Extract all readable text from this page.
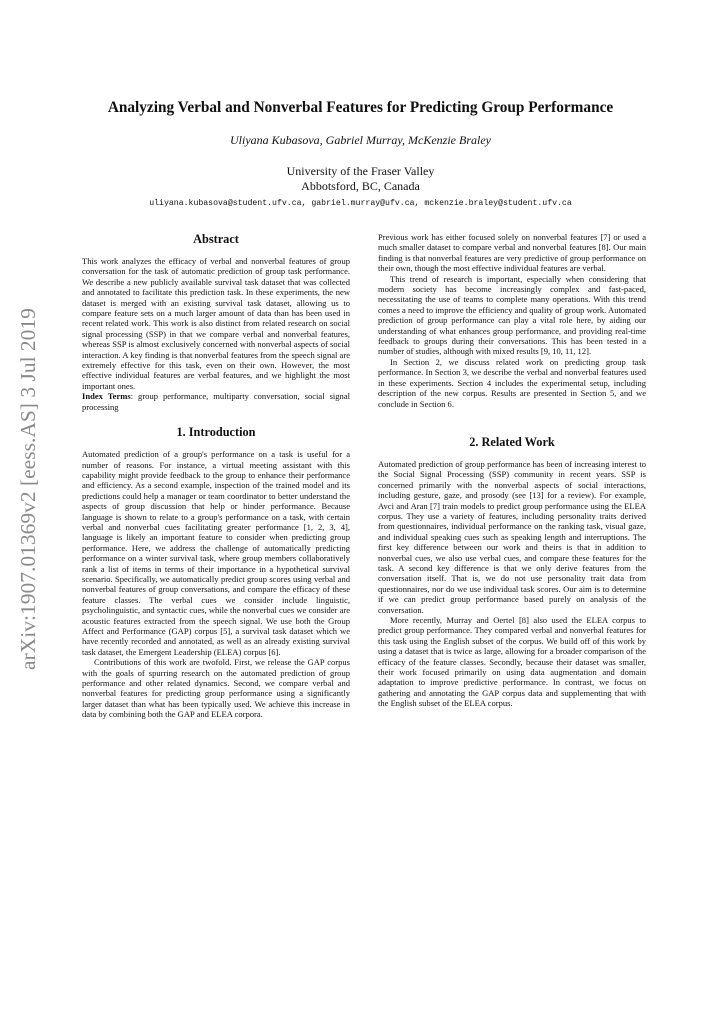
arXiv:1907.01369v2 [eess.AS] 3 Jul 2019
Analyzing Verbal and Nonverbal Features for Predicting Group Performance
Uliyana Kubasova, Gabriel Murray, McKenzie Braley
University of the Fraser Valley
Abbotsford, BC, Canada
uliyana.kubasova@student.ufv.ca, gabriel.murray@ufv.ca, mckenzie.braley@student.ufv.ca
Abstract

This work analyzes the efficacy of verbal and nonverbal features of group conversation for the task of automatic prediction of group task performance. We describe a new publicly available survival task dataset that was collected and annotated to facilitate this prediction task. In these experiments, the new dataset is merged with an existing survival task dataset, allowing us to compare feature sets on a much larger amount of data than has been used in recent related work. This work is also distinct from related research on social signal processing (SSP) in that we compare verbal and nonverbal features, whereas SSP is almost exclusively concerned with nonverbal aspects of social interaction. A key finding is that nonverbal features from the speech signal are extremely effective for this task, even on their own. However, the most effective individual features are verbal features, and we highlight the most important ones.

Index Terms: group performance, multiparty conversation, social signal processing

1. Introduction

Automated prediction of a group's performance on a task is useful for a number of reasons. For instance, a virtual meeting assistant with this capability might provide feedback to the group to enhance their performance and efficiency. As a second example, inspection of the trained model and its predictions could help a manager or team coordinator to better understand the aspects of group discussion that help or hinder performance. Because language is shown to relate to a group's performance on a task, with certain verbal and nonverbal cues facilitating greater performance [1, 2, 3, 4], language is likely an important feature to consider when predicting group performance. Here, we address the challenge of automatically predicting performance on a winter survival task, where group members collaboratively rank a list of items in terms of their importance in a hypothetical survival scenario. Specifically, we automatically predict group scores using verbal and nonverbal features of group conversations, and compare the efficacy of these feature classes. The verbal cues we consider include linguistic, psycholinguistic, and syntactic cues, while the nonverbal cues we consider are acoustic features extracted from the speech signal. We use both the Group Affect and Performance (GAP) corpus [5], a survival task dataset which we have recently recorded and annotated, as well as an already existing survival task dataset, the Emergent Leadership (ELEA) corpus [6].

Contributions of this work are twofold. First, we release the GAP corpus with the goals of spurring research on the automated prediction of group performance and other related dynamics. Second, we compare verbal and nonverbal features for predicting group performance using a significantly larger dataset than what has been typically used. We achieve this increase in data by combining both the GAP and ELEA corpora.

Previous work has either focused solely on nonverbal features [7] or used a much smaller dataset to compare verbal and nonverbal features [8]. Our main finding is that nonverbal features are very predictive of group performance on their own, though the most effective individual features are verbal.

This trend of research is important, especially when considering that modern society has become increasingly complex and fast-paced, necessitating the use of teams to complete many operations. With this trend comes a need to improve the efficiency and quality of group work. Automated prediction of group performance can play a vital role here, by aiding our understanding of what enhances group performance, and providing real-time feedback to groups during their conversations. This has been tested in a number of studies, although with mixed results [9, 10, 11, 12].

In Section 2, we discuss related work on predicting group task performance. In Section 3, we describe the verbal and nonverbal features used in these experiments. Section 4 includes the experimental setup, including description of the new corpus. Results are presented in Section 5, and we conclude in Section 6.

2. Related Work

Automated prediction of group performance has been of increasing interest to the Social Signal Processing (SSP) community in recent years. SSP is concerned primarily with the nonverbal aspects of social interactions, including gesture, gaze, and prosody (see [13] for a review). For example, Avci and Aran [7] train models to predict group performance using the ELEA corpus. They use a variety of features, including personality traits derived from questionnaires, individual performance on the ranking task, visual gaze, and individual speaking cues such as speaking length and interruptions. The first key difference between our work and theirs is that in addition to nonverbal cues, we also use verbal cues, and compare these features for the task. A second key difference is that we only derive features from the conversation itself. That is, we do not use personality trait data from questionnaires, nor do we use individual task scores. Our aim is to determine if we can predict group performance based purely on analysis of the conversation.

More recently, Murray and Oertel [8] also used the ELEA corpus to predict group performance. They compared verbal and nonverbal features for this task using the English subset of the corpus. We build off of this work by using a dataset that is twice as large, allowing for a broader comparison of the efficacy of the feature classes. Secondly, because their dataset was smaller, their work focused primarily on using data augmentation and domain adaptation to improve predictive performance. In contrast, we focus on gathering and annotating the GAP corpus data and supplementing that with the English subset of the ELEA corpus.
